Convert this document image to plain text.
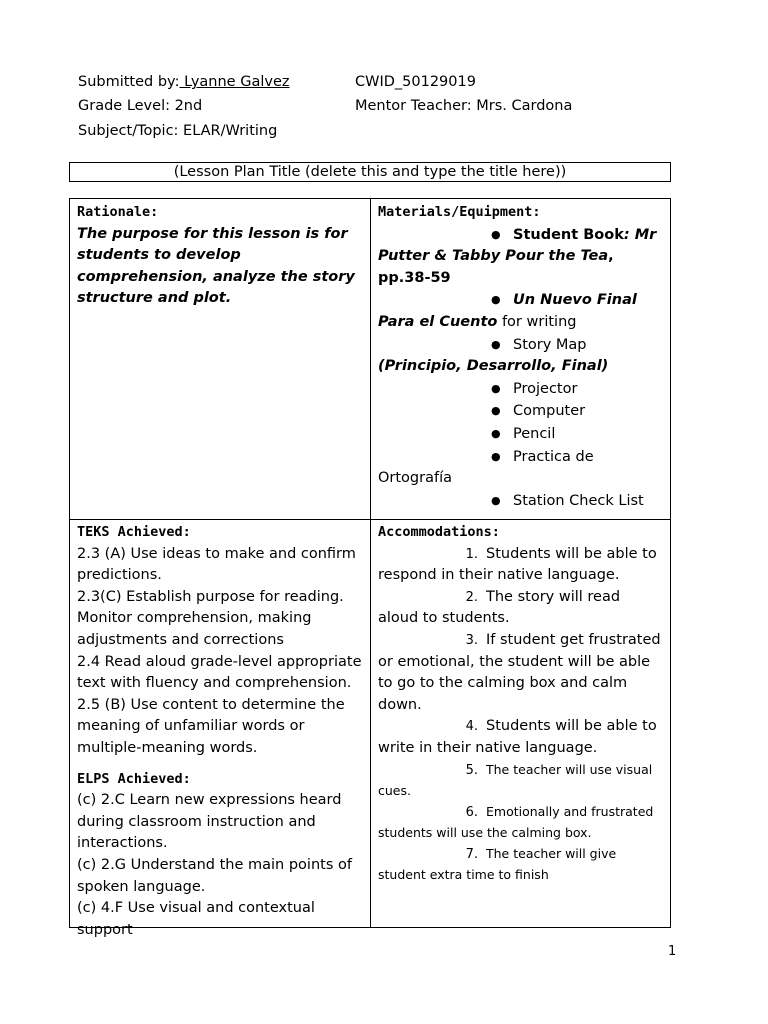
Submitted by: Lyanne Galvez	CWID_50129019
Grade Level: 2nd	Mentor Teacher: Mrs. Cardona
Subject/Topic: ELAR/Writing
(Lesson Plan Title (delete this and type the title here))
Rationale:
The purpose for this lesson is for students to develop comprehension, analyze the story structure and plot.
Materials/Equipment:
● Student Book: Mr Putter & Tabby Pour the Tea, pp.38-59
● Un Nuevo Final Para el Cuento for writing
● Story Map (Principio, Desarrollo, Final)
● Projector
● Computer
● Pencil
● Practica de Ortografía
● Station Check List
TEKS Achieved:
2.3 (A) Use ideas to make and confirm predictions.
2.3(C) Establish purpose for reading. Monitor comprehension, making adjustments and corrections
2.4 Read aloud grade-level appropriate text with fluency and comprehension.
2.5 (B) Use content to determine the meaning of unfamiliar words or multiple-meaning words.
ELPS Achieved:
(c) 2.C Learn new expressions heard during classroom instruction and interactions.
(c) 2.G Understand the main points of spoken language.
(c) 4.F Use visual and contextual support
Accommodations:
1. Students will be able to respond in their native language.
2. The story will read aloud to students.
3. If student get frustrated or emotional, the student will be able to go to the calming box and calm down.
4. Students will be able to write in their native language.
5. The teacher will use visual cues.
6. Emotionally and frustrated students will use the calming box.
7. The teacher will give student extra time to finish
1
